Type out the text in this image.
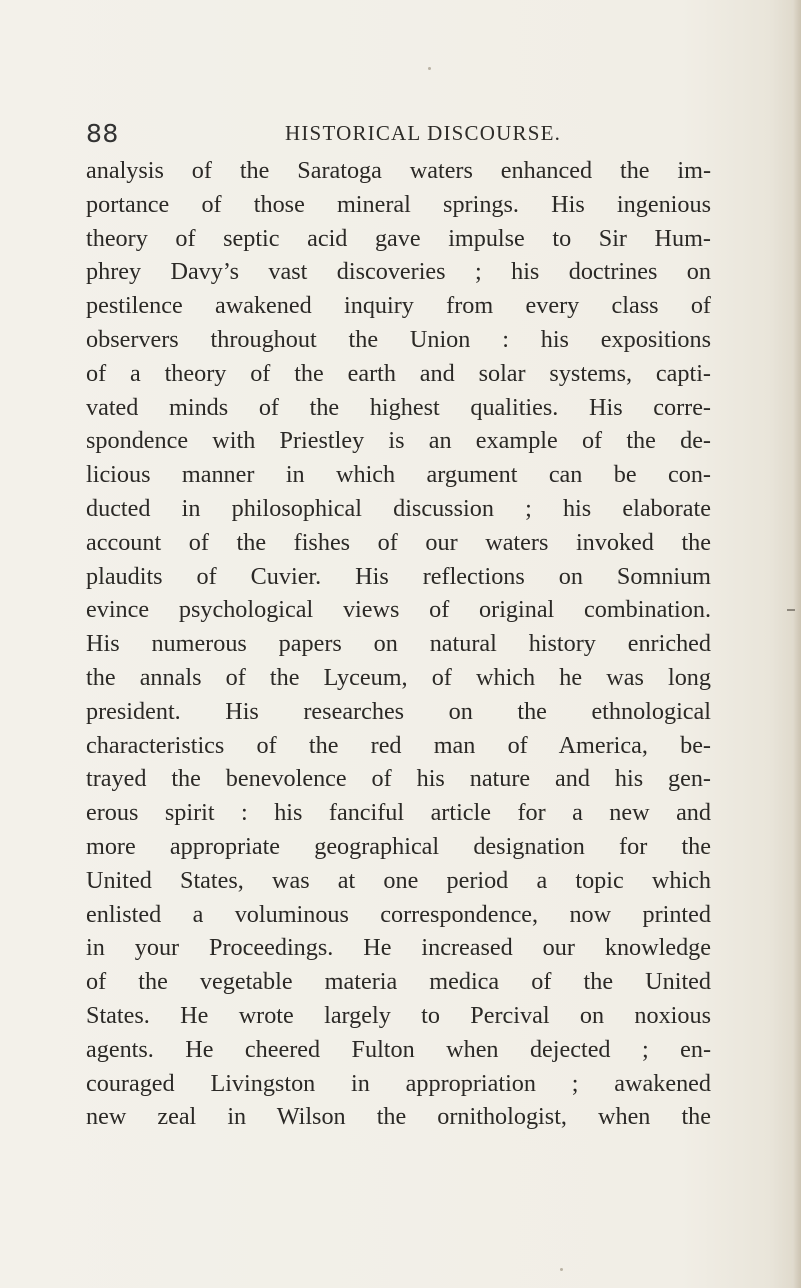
88	HISTORICAL DISCOURSE.
analysis of the Saratoga waters enhanced the im-
portance of those mineral springs. His ingenious
theory of septic acid gave impulse to Sir Hum-
phrey Davy’s vast discoveries ; his doctrines on
pestilence awakened inquiry from every class of
observers throughout the Union : his expositions
of a theory of the earth and solar systems, capti-
vated minds of the highest qualities. His corre-
spondence with Priestley is an example of the de-
licious manner in which argument can be con-
ducted in philosophical discussion ; his elaborate
account of the fishes of our waters invoked the
plaudits of Cuvier. His reflections on Somnium
evince psychological views of original combination.
His numerous papers on natural history enriched
the annals of the Lyceum, of which he was long
president. His researches on the ethnological
characteristics of the red man of America, be-
trayed the benevolence of his nature and his gen-
erous spirit : his fanciful article for a new and
more appropriate geographical designation for the
United States, was at one period a topic which
enlisted a voluminous correspondence, now printed
in your Proceedings. He increased our knowledge
of the vegetable materia medica of the United
States. He wrote largely to Percival on noxious
agents. He cheered Fulton when dejected ; en-
couraged Livingston in appropriation ; awakened
new zeal in Wilson the ornithologist, when the
